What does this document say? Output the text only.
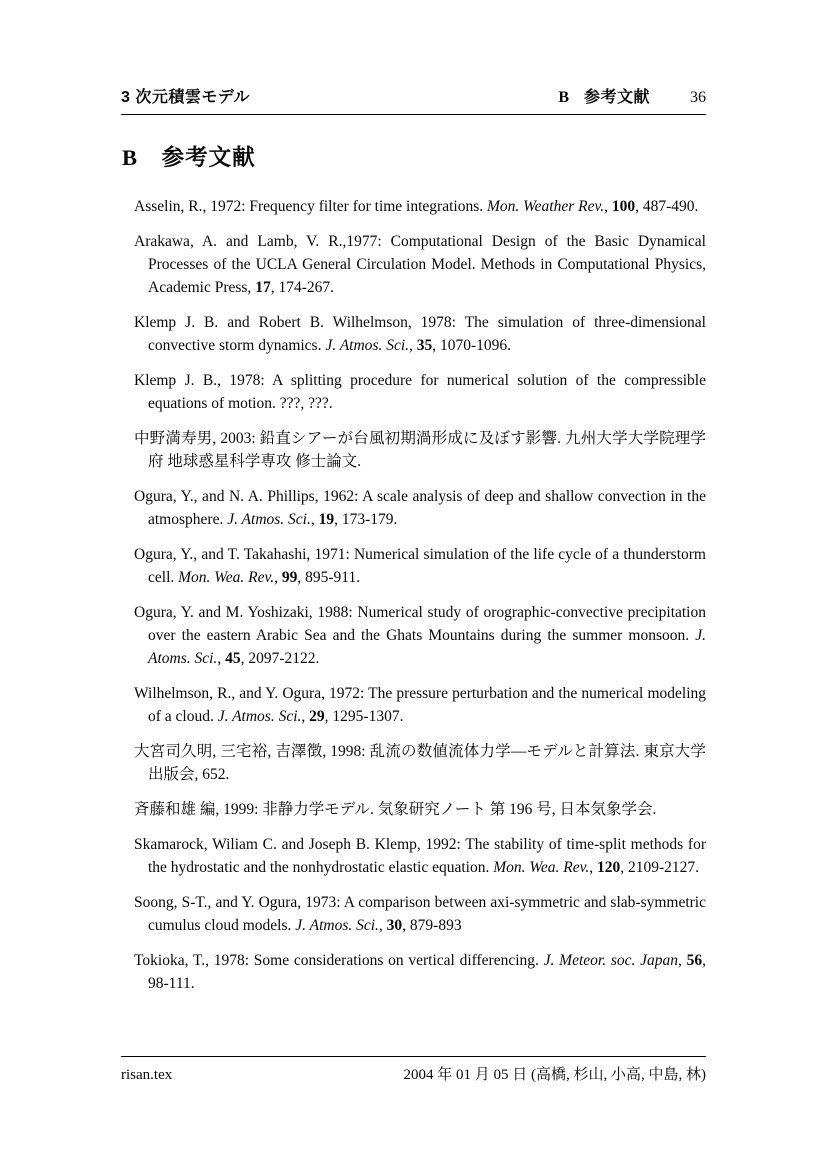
3 次元積雲モデル	B 参考文献	36
B 参考文献

Asselin, R., 1972: Frequency filter for time integrations. Mon. Weather Rev., 100, 487-490.

Arakawa, A. and Lamb, V. R.,1977: Computational Design of the Basic Dynamical Processes of the UCLA General Circulation Model. Methods in Computational Physics, Academic Press, 17, 174-267.

Klemp J. B. and Robert B. Wilhelmson, 1978: The simulation of three-dimensional convective storm dynamics. J. Atmos. Sci., 35, 1070-1096.

Klemp J. B., 1978: A splitting procedure for numerical solution of the compressible equations of motion. ???, ???.

中野満寿男, 2003: 鉛直シアーが台風初期渦形成に及ぼす影響. 九州大学大学院理学府 地球惑星科学専攻 修士論文.

Ogura, Y., and N. A. Phillips, 1962: A scale analysis of deep and shallow convection in the atmosphere. J. Atmos. Sci., 19, 173-179.

Ogura, Y., and T. Takahashi, 1971: Numerical simulation of the life cycle of a thunderstorm cell. Mon. Wea. Rev., 99, 895-911.

Ogura, Y. and M. Yoshizaki, 1988: Numerical study of orographic-convective precipitation over the eastern Arabic Sea and the Ghats Mountains during the summer monsoon. J. Atoms. Sci., 45, 2097-2122.

Wilhelmson, R., and Y. Ogura, 1972: The pressure perturbation and the numerical modeling of a cloud. J. Atmos. Sci., 29, 1295-1307.

大宮司久明, 三宅裕, 吉澤徴, 1998: 乱流の数値流体力学—モデルと計算法. 東京大学出版会, 652.

斉藤和雄 編, 1999: 非静力学モデル. 気象研究ノート 第 196 号, 日本気象学会.

Skamarock, Wiliam C. and Joseph B. Klemp, 1992: The stability of time-split methods for the hydrostatic and the nonhydrostatic elastic equation. Mon. Wea. Rev., 120, 2109-2127.

Soong, S-T., and Y. Ogura, 1973: A comparison between axi-symmetric and slab-symmetric cumulus cloud models. J. Atmos. Sci., 30, 879-893

Tokioka, T., 1978: Some considerations on vertical differencing. J. Meteor. soc. Japan, 56, 98-111.

risan.tex	2004 年 01 月 05 日 (高橋, 杉山, 小高, 中島, 林)
